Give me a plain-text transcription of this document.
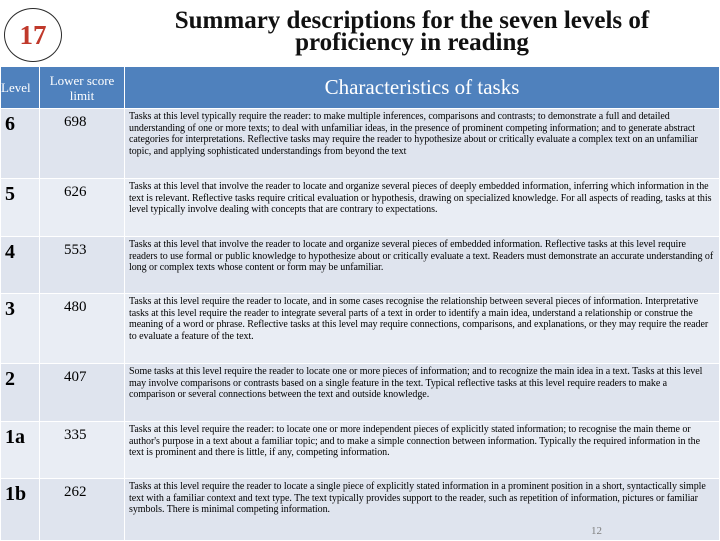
17	Summary descriptions for the seven levels of
proficiency in reading
Level	Lower score limit	Characteristics of tasks
6	698	Tasks at this level typically require the reader: to make multiple inferences, comparisons and contrasts; to demonstrate a full and detailed understanding of one or more texts; to deal with unfamiliar ideas, in the presence of prominent competing information; and to generate abstract categories for interpretations. Reflective tasks may require the reader to hypothesize about or critically evaluate a complex text on an unfamiliar topic, and applying sophisticated understandings from beyond the text
5	626	Tasks at this level that involve the reader to locate and organize several pieces of deeply embedded information, inferring which information in the text is relevant. Reflective tasks require critical evaluation or hypothesis, drawing on specialized knowledge. For all aspects of reading, tasks at this level typically involve dealing with concepts that are contrary to expectations.
4	553	Tasks at this level that involve the reader to locate and organize several pieces of embedded information. Reflective tasks at this level require readers to use formal or public knowledge to hypothesize about or critically evaluate a text. Readers must demonstrate an accurate understanding of long or complex texts whose content or form may be unfamiliar.
3	480	Tasks at this level require the reader to locate, and in some cases recognise the relationship between several pieces of information. Interpretative tasks at this level require the reader to integrate several parts of a text in order to identify a main idea, understand a relationship or construe the meaning of a word or phrase. Reflective tasks at this level may require connections, comparisons, and explanations, or they may require the reader to evaluate a feature of the text.
2	407	Some tasks at this level require the reader to locate one or more pieces of information; and to recognize the main idea in a text. Tasks at this level may involve comparisons or contrasts based on a single feature in the text. Typical reflective tasks at this level require readers to make a comparison or several connections between the text and outside knowledge.
1a	335	Tasks at this level require the reader: to locate one or more independent pieces of explicitly stated information; to recognise the main theme or author's purpose in a text about a familiar topic; and to make a simple connection between information. Typically the required information in the text is prominent and there is little, if any, competing information.
1b	262	Tasks at this level require the reader to locate a single piece of explicitly stated information in a prominent position in a short, syntactically simple text with a familiar context and text type. The text typically provides support to the reader, such as repetition of information, pictures or familiar symbols. There is minimal competing information.
12
